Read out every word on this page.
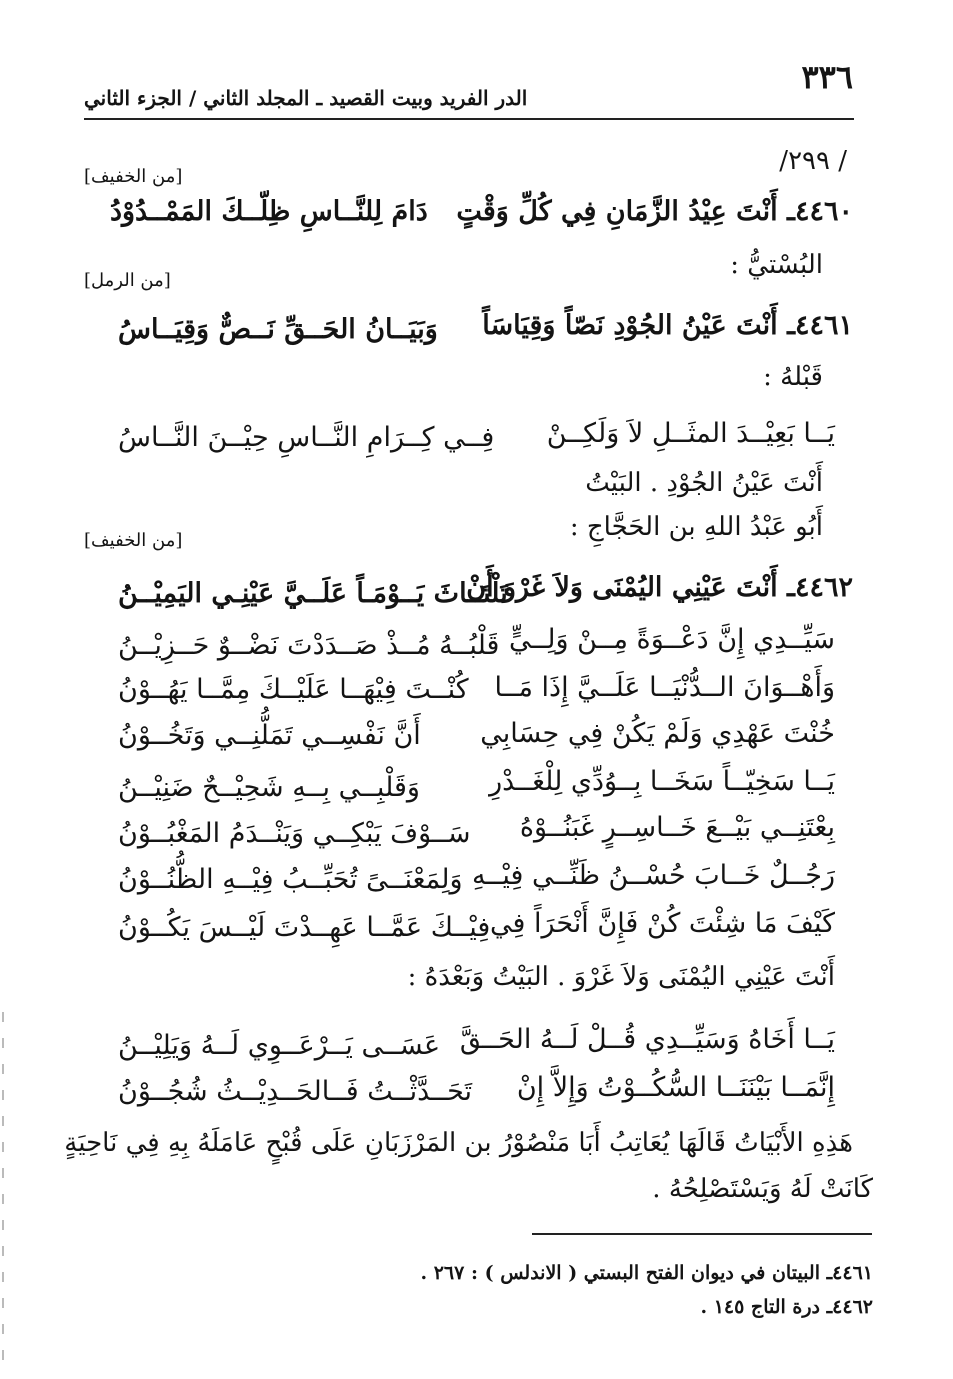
٣٣٦
الدر الفريد وبيت القصيد ـ المجلد الثاني / الجزء الثاني
/ ٢٩٩/
[من الخفيف]
٤٤٦٠ـ أَنْتَ عِيْدُ الزَّمَانِ فِي كُلِّ وَقْتٍ
دَامَ لِلنَّــاسِ ظِلّــكَ المَمْــدُوْدُ
البُسْتيُّ :
[من الرمل]
٤٤٦١ـ أَنْتَ عَيْنُ الجُوْدِ نَصّاً وَقِيَاسَاً
وَبَيَــانُ الحَــقِّ نَــصٌّ وَقِيَــاسُ
قَبْلهُ :
يَــا بَعِيْــدَ المثَــلِ لاَ وَلَكِــنْ
فِــي كِــرَامِ النَّــاسِ حِيْــنَ النَّــاسُ
أَنْتَ عَيْنُ الجُوْدِ . البَيْتُ
أَبُو عَبْدُ اللهِ بن الحَجَّاجِ :
[من الخفيف]
٤٤٦٢ـ أَنْتَ عَيْنِي اليُمْنَى وَلاَ غَرْوَ أَنْ
تَلْتَــاثَ يَــوْمَـاً عَلَــيَّ عَيْنِـي اليَمِيْــنُ
سَيِّــدِي إِنَّ دَعْــوَةً مِــنْ وَلِــيٍّ
قَلْبُــهُ مُــذْ صَــدَدْتَ نَضْــوٌ حَــزِيْــنُ
وَأَهْــوَانَ الــدُّنْيَــا عَلَــيَّ إِذَا مَــا
كُنْــتَ فِيْهَــا عَلَيْــكَ مِمَّــا يَهُــوْنُ
خُنْتَ عَهْدِي وَلَمْ يَكُنْ فِي حِسَابِي
أَنَّ نَفْسِــي تَمَلُّنِــي وَتَخُــوْنُ
يَــا سَخِيّــاً سَخَــا بِــوُدِّي لِلْغَــدْرِ
وَقَلْبِــي بِــهِ شَحِيْــحٌ ضَنِيْــنُ
بِعْتَنِــي بَيْــعَ خَــاسِــرٍ غَبَنُــوْهُ
سَــوْفَ يَبْكِــي وَيَنْــدَمُ المَغْبُــوْنُ
رَجُــلٌ خَــابَ حُسْــنُ ظَنِّــي فِيْــهِ
وَلِمَعْنَــىً تُحَبِّــبُ فِيْــهِ الظُّنُــوْنُ
كَيْفَ مَا شِئْتَ كُنْ فَإِنَّ أَنْحَرَاً فِي
فِيْــكَ عَمَّــا عَهِــدْتَ لَيْــسَ يَكُــوْنُ
أَنْتَ عَيْنِي اليُمْنَى وَلاَ غَرْوَ . البَيْتُ وَبَعْدَهُ :
يَــا أَخَاهُ وَسَيِّــدِي قُــلْ لَــهُ الحَــقَّ
عَسَــى يَــرْعَــوِي لَــهُ وَيَلِيْــنُ
إِنَّمَــا بَيْنَنَــا السُّكُــوْتُ وَإِلاَّ إِنْ
تَحَــدَّثْــتُ فَــالحَــدِيْــثُ شُجُــوْنُ
هَذِهِ الأَبْيَاتُ قَالَهَا يُعَاتِبُ أَبَا مَنْصُوْرُ بن المَرْزَبَانِ عَلَى قُبْحٍ عَامَلَهُ بِهِ فِي نَاحِيَةٍ
كَانَتْ لَهُ وَيَسْتَصْلِحُهُ .
٤٤٦١ـ البيتان في ديوان الفتح البستي ( الاندلس ) : ٢٦٧ .
٤٤٦٢ـ درة التاج ١٤٥ .
